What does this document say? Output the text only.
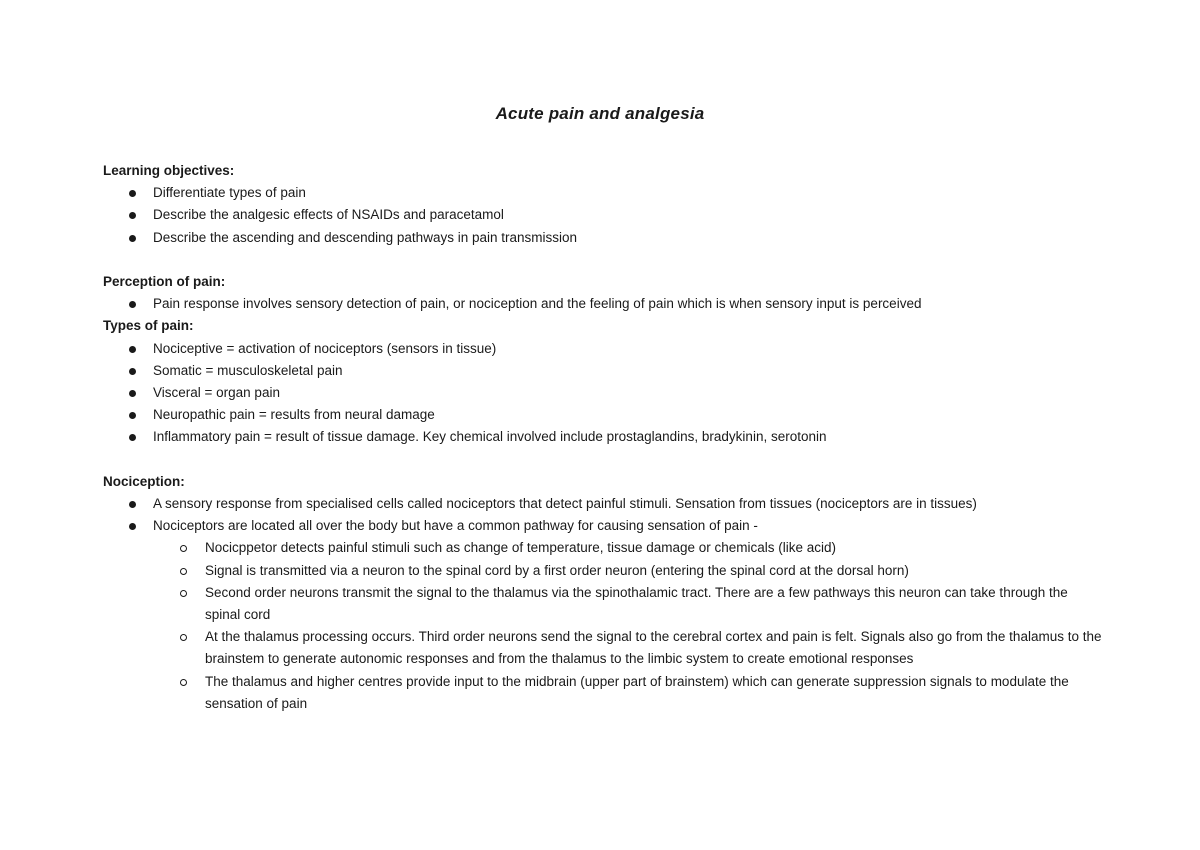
Acute pain and analgesia

Learning objectives:

Differentiate types of pain
Describe the analgesic effects of NSAIDs and paracetamol
Describe the ascending and descending pathways in pain transmission

Perception of pain:

Pain response involves sensory detection of pain, or nociception and the feeling of pain which is when sensory input is perceived

Types of pain:

Nociceptive = activation of nociceptors (sensors in tissue)
Somatic = musculoskeletal pain
Visceral = organ pain
Neuropathic pain = results from neural damage
Inflammatory pain = result of tissue damage. Key chemical involved include prostaglandins, bradykinin, serotonin

Nociception:

A sensory response from specialised cells called nociceptors that detect painful stimuli. Sensation from tissues (nociceptors are in tissues)
Nociceptors are located all over the body but have a common pathway for causing sensation of pain -
Nocicppetor detects painful stimuli such as change of temperature, tissue damage or chemicals (like acid)
Signal is transmitted via a neuron to the spinal cord by a first order neuron (entering the spinal cord at the dorsal horn)
Second order neurons transmit the signal to the thalamus via the spinothalamic tract. There are a few pathways this neuron can take through the spinal cord
At the thalamus processing occurs. Third order neurons send the signal to the cerebral cortex and pain is felt. Signals also go from the thalamus to the brainstem to generate autonomic responses and from the thalamus to the limbic system to create emotional responses
The thalamus and higher centres provide input to the midbrain (upper part of brainstem) which can generate suppression signals to modulate the sensation of pain
